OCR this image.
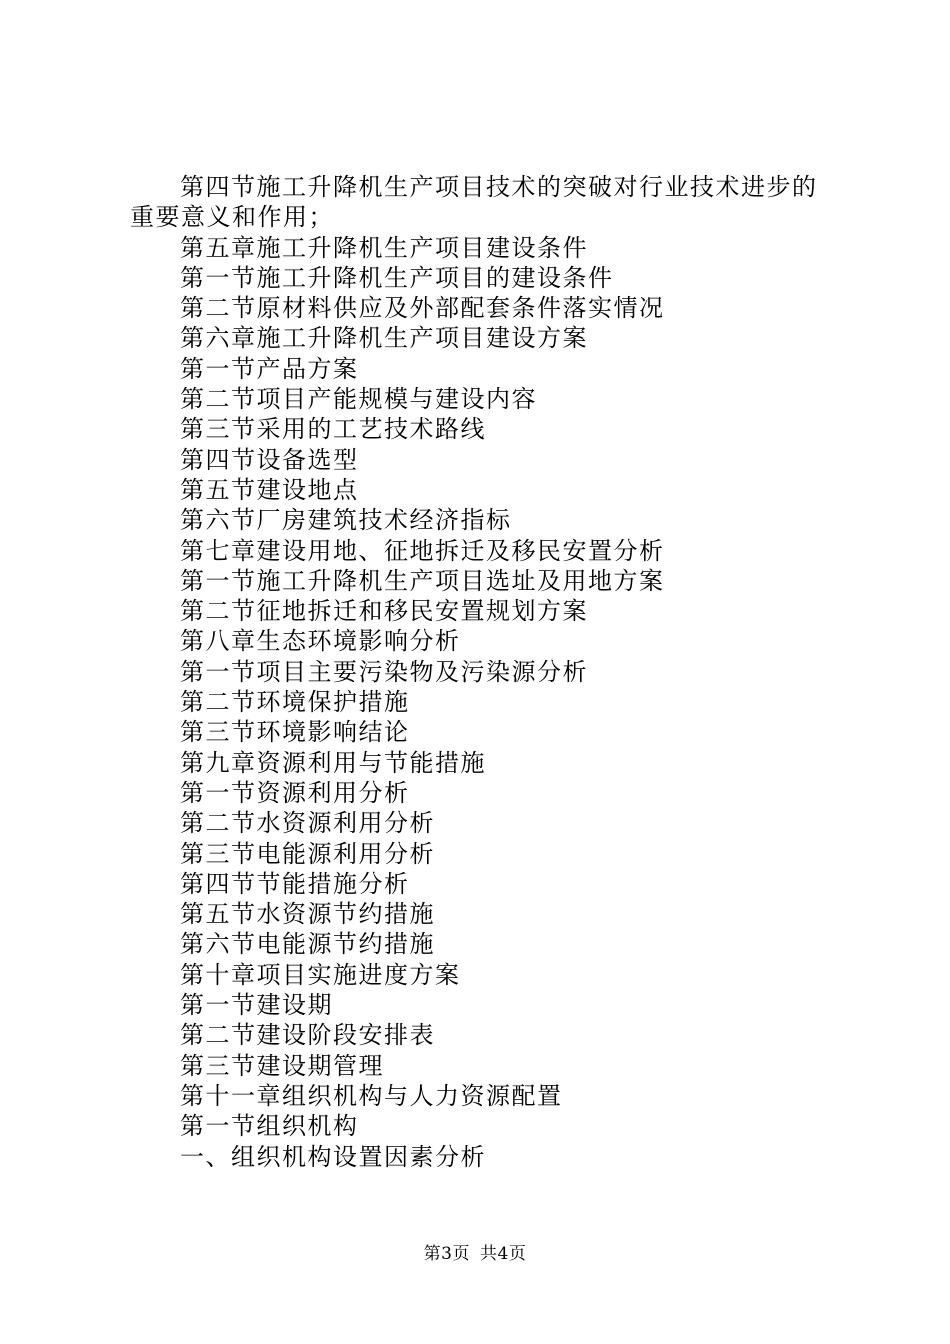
第四节施工升降机生产项目技术的突破对行业技术进步的重要意义和作用；

第五章施工升降机生产项目建设条件

第一节施工升降机生产项目的建设条件

第二节原材料供应及外部配套条件落实情况

第六章施工升降机生产项目建设方案

第一节产品方案

第二节项目产能规模与建设内容

第三节采用的工艺技术路线

第四节设备选型

第五节建设地点

第六节厂房建筑技术经济指标

第七章建设用地、征地拆迁及移民安置分析

第一节施工升降机生产项目选址及用地方案

第二节征地拆迁和移民安置规划方案

第八章生态环境影响分析

第一节项目主要污染物及污染源分析

第二节环境保护措施

第三节环境影响结论

第九章资源利用与节能措施

第一节资源利用分析

第二节水资源利用分析

第三节电能源利用分析

第四节节能措施分析

第五节水资源节约措施

第六节电能源节约措施

第十章项目实施进度方案

第一节建设期

第二节建设阶段安排表

第三节建设期管理

第十一章组织机构与人力资源配置

第一节组织机构

一、组织机构设置因素分析

第3页 共4页
